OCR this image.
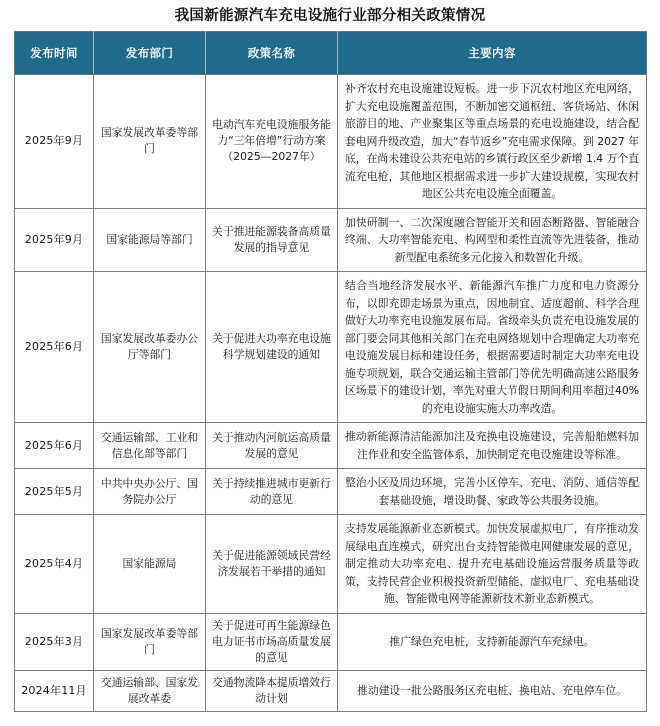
我国新能源汽车充电设施行业部分相关政策情况
发布时间	发布部门	政策名称	主要内容
2025年9月	国家发展改革委等部门	电动汽车充电设施服务能力“三年倍增”行动方案（2025—2027年）	补齐农村充电设施建设短板。进一步下沉农村地区充电网络，扩大充电设施覆盖范围，不断加密交通枢纽、客货场站、休闲旅游目的地、产业聚集区等重点场景的充电设施建设，结合配套电网升级改造，加大“春节返乡”充电需求保障。到 2027 年底，在尚未建设公共充电站的乡镇行政区至少新增 1.4 万个直流充电枪，其他地区根据需求进一步扩大建设规模，实现农村地区公共充电设施全面覆盖。
2025年9月	国家能源局等部门	关于推进能源装备高质量发展的指导意见	加快研制一、二次深度融合智能开关和固态断路器、智能融合终端、大功率智能充电、构网型和柔性直流等先进装备，推动新型配电系统多元化接入和数智化升级。
2025年6月	国家发展改革委办公厅等部门	关于促进大功率充电设施科学规划建设的通知	结合当地经济发展水平、新能源汽车推广力度和电力资源分布，以即充即走场景为重点，因地制宜、适度超前、科学合理做好大功率充电设施发展布局。省级牵头负责充电设施发展的部门要会同其他相关部门在充电网络规划中合理确定大功率充电设施发展目标和建设任务，根据需要适时制定大功率充电设施专项规划，联合交通运输主管部门等优先明确高速公路服务区场景下的建设计划，率先对重大节假日期间利用率超过40%的充电设施实施大功率改造。
2025年6月	交通运输部、工业和信息化部等部门	关于推动内河航运高质量发展的意见	推动新能源清洁能源加注及充换电设施建设，完善船舶燃料加注作业和安全监管体系，加快制定充电设施建设等标准。
2025年5月	中共中央办公厅、国务院办公厅	关于持续推进城市更新行动的意见	整治小区及周边环境，完善小区停车、充电、消防、通信等配套基础设施，增设助餐、家政等公共服务设施。
2025年4月	国家能源局	关于促进能源领域民营经济发展若干举措的通知	支持发展能源新业态新模式。加快发展虚拟电厂，有序推动发展绿电直连模式，研究出台支持智能微电网健康发展的意见，制定推动大功率充电、提升充电基础设施运营服务质量等政策，支持民营企业积极投资新型储能、虚拟电厂、充电基础设施、智能微电网等能源新技术新业态新模式。
2025年3月	国家发展改革委等部门	关于促进可再生能源绿色电力证书市场高质量发展的意见	推广绿色充电桩，支持新能源汽车充绿电。
2024年11月	交通运输部、国家发展改革委	交通物流降本提质增效行动计划	推动建设一批公路服务区充电桩、换电站、充电停车位。
